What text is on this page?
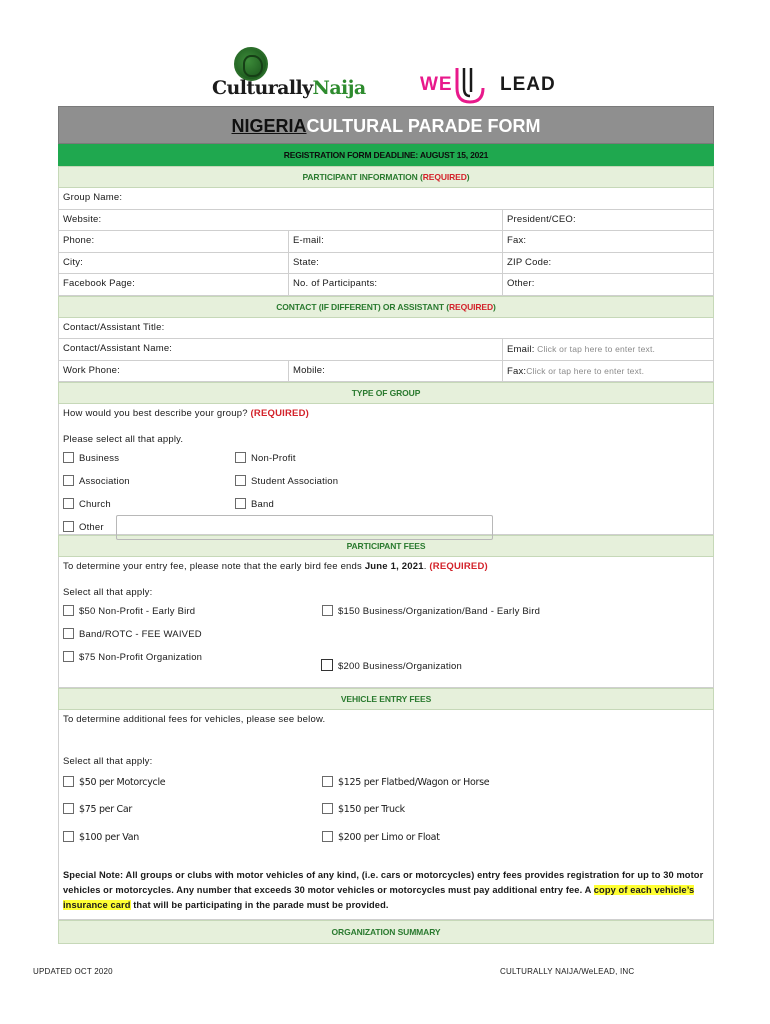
CulturallyNaija	WE LEAD
NIGERIACULTURAL PARADE FORM
REGISTRATION FORM DEADLINE: AUGUST 15, 2021
PARTICIPANT INFORMATION (REQUIRED)
Group Name:
Website:	President/CEO:
Phone:	E-mail:	Fax:
City:	State:	ZIP Code:
Facebook Page:	No. of Participants:	Other:
CONTACT (IF DIFFERENT) OR ASSISTANT (REQUIRED)
Contact/Assistant Title:
Contact/Assistant Name:	Email: Click or tap here to enter text.
Work Phone:	Mobile:	Fax:Click or tap here to enter text.
TYPE OF GROUP
How would you best describe your group? (REQUIRED)
Please select all that apply.
Business	Non-Profit
Association	Student Association
Church	Band
Other
PARTICIPANT FEES
To determine your entry fee, please note that the early bird fee ends June 1, 2021. (REQUIRED)
Select all that apply:
$50 Non-Profit - Early Bird	$150 Business/Organization/Band - Early Bird
Band/ROTC - FEE WAIVED
$75 Non-Profit Organization
$200 Business/Organization
VEHICLE ENTRY FEES
To determine additional fees for vehicles, please see below.
Select all that apply:
$50 per Motorcycle	$125 per Flatbed/Wagon or Horse
$75 per Car	$150 per Truck
$100 per Van	$200 per Limo or Float
Special Note: All groups or clubs with motor vehicles of any kind, (i.e. cars or motorcycles) entry fees provides registration for up to 30 motor vehicles or motorcycles. Any number that exceeds 30 motor vehicles or motorcycles must pay additional entry fee. A copy of each vehicle’s insurance card that will be participating in the parade must be provided.
ORGANIZATION SUMMARY
UPDATED OCT 2020	CULTURALLY NAIJA/WeLEAD, INC
